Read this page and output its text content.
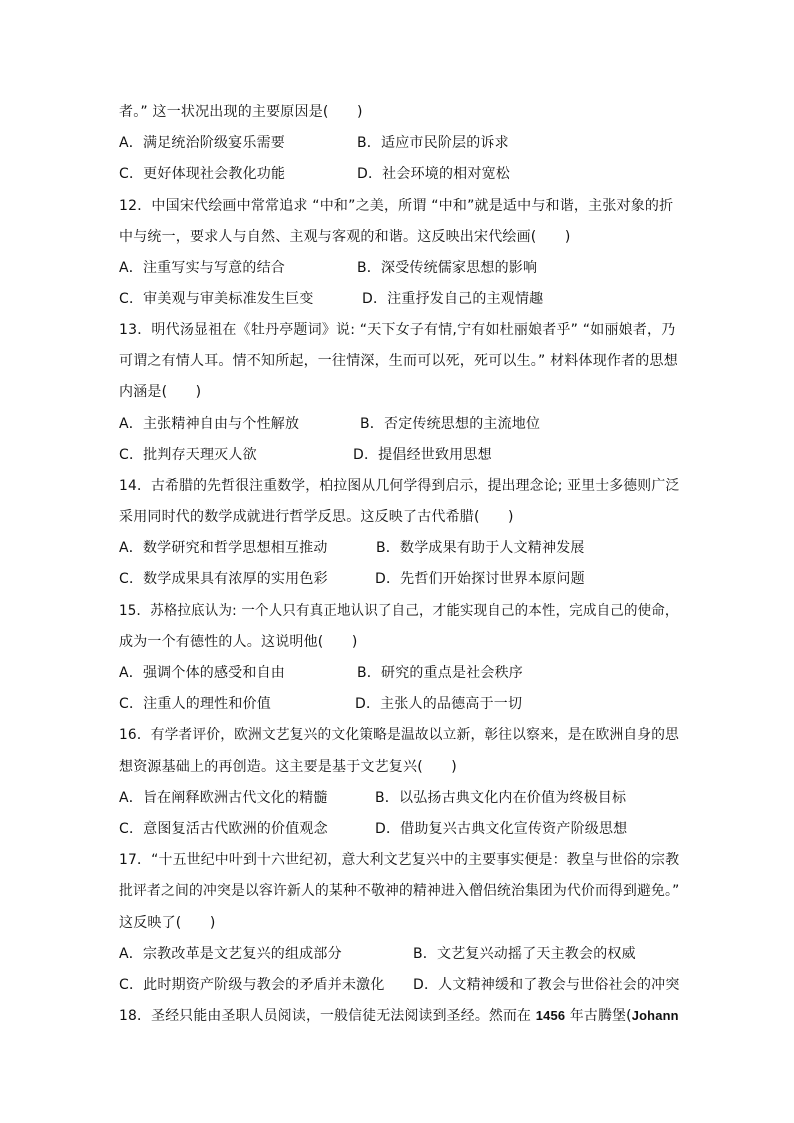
者。” 这一状况出现的主要原因是(　　)
A．满足统治阶级宴乐需要	B．适应市民阶层的诉求
C．更好体现社会教化功能	D．社会环境的相对宽松
12．中国宋代绘画中常常追求 “中和”之美，所谓 “中和”就是适中与和谐，主张对象的折
中与统一，要求人与自然、主观与客观的和谐。这反映出宋代绘画(　　)
A．注重写实与写意的结合	B．深受传统儒家思想的影响
C．审美观与审美标准发生巨变	D．注重抒发自己的主观情趣
13．明代汤显祖在《牡丹亭题词》说: “天下女子有情,宁有如杜丽娘者乎” “如丽娘者，乃
可谓之有情人耳。情不知所起，一往情深，生而可以死，死可以生。” 材料体现作者的思想
内涵是(　　)
A．主张精神自由与个性解放	B．否定传统思想的主流地位
C．批判存天理灭人欲	D．提倡经世致用思想
14．古希腊的先哲很注重数学，柏拉图从几何学得到启示，提出理念论; 亚里士多德则广泛
采用同时代的数学成就进行哲学反思。这反映了古代希腊(　　)
A．数学研究和哲学思想相互推动	B．数学成果有助于人文精神发展
C．数学成果具有浓厚的实用色彩	D．先哲们开始探讨世界本原问题
15．苏格拉底认为: 一个人只有真正地认识了自己，才能实现自己的本性，完成自己的使命，
成为一个有德性的人。这说明他(　　)
A．强调个体的感受和自由	B．研究的重点是社会秩序
C．注重人的理性和价值	D．主张人的品德高于一切
16．有学者评价，欧洲文艺复兴的文化策略是温故以立新，彰往以察来，是在欧洲自身的思
想资源基础上的再创造。这主要是基于文艺复兴(　　)
A．旨在阐释欧洲古代文化的精髓	B．以弘扬古典文化内在价值为终极目标
C．意图复活古代欧洲的价值观念	D．借助复兴古典文化宣传资产阶级思想
17．“十五世纪中叶到十六世纪初，意大利文艺复兴中的主要事实便是：教皇与世俗的宗教
批评者之间的冲突是以容许新人的某种不敬神的精神进入僧侣统治集团为代价而得到避免。”
这反映了(　　)
A．宗教改革是文艺复兴的组成部分	B．文艺复兴动摇了天主教会的权威
C．此时期资产阶级与教会的矛盾并未激化 D．人文精神缓和了教会与世俗社会的冲突
18．圣经只能由圣职人员阅读，一般信徒无法阅读到圣经。然而在 1456 年古腾堡(Johann
